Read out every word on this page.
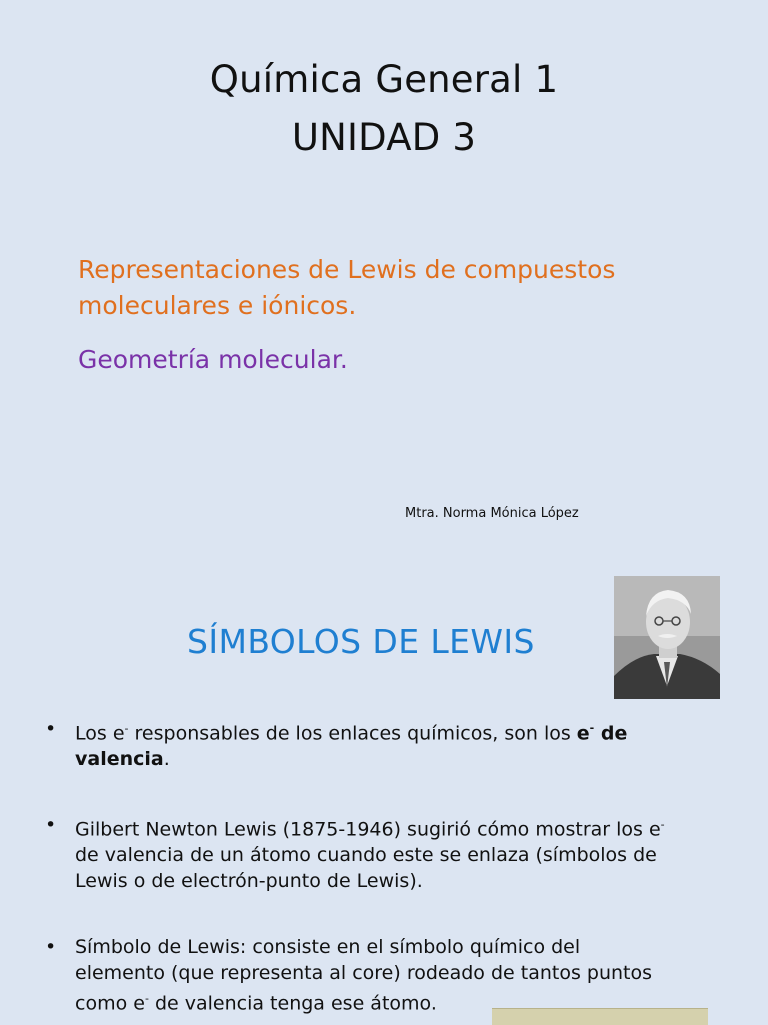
Química General 1
UNIDAD 3
Representaciones de Lewis de compuestos
moleculares e iónicos.
Geometría molecular.
Mtra. Norma Mónica López
SÍMBOLOS DE LEWIS
• Los e- responsables de los enlaces químicos, son los e- de
valencia.
• Gilbert Newton Lewis (1875-1946) sugirió cómo mostrar los e-
de valencia de un átomo cuando este se enlaza (símbolos de
Lewis o de electrón-punto de Lewis).
• Símbolo de Lewis: consiste en el símbolo químico del
elemento (que representa al core) rodeado de tantos puntos
como e- de valencia tenga ese átomo.
